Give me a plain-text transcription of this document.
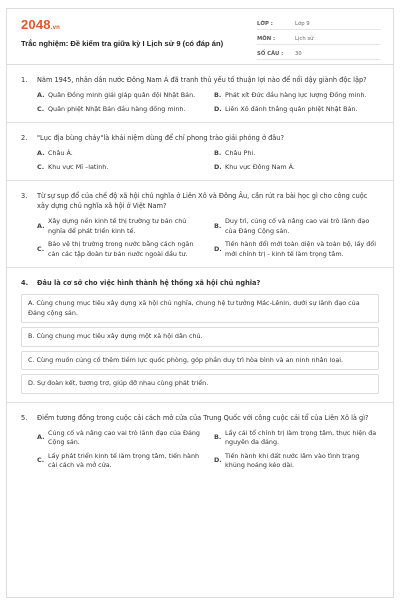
2048.vn
Trắc nghiệm: Đề kiểm tra giữa kỳ I Lịch sử 9 (có đáp án)
LỚP :	Lớp 9
MÔN :	Lịch sử
SỐ CÂU :	30
1.	Năm 1945, nhân dân nước Đông Nam Á đã tranh thủ yếu tố thuận lợi nào để nổi dậy giành độc lập?
A. Quân Đồng minh giải giáp quân đội Nhật Bản.	B. Phát xít Đức đầu hàng lực lượng Đồng minh.
C. Quân phiệt Nhật Bản đầu hàng đồng minh.	D. Liên Xô đánh thắng quân phiệt Nhật Bản.
2.	"Lục địa bùng cháy"là khái niệm dùng để chỉ phong trào giải phóng ở đâu?
A. Châu Á.	B. Châu Phi.
C. Khu vực Mĩ –latinh.	D. Khu vực Đông Nam Á.
3.	Từ sự sụp đổ của chế độ xã hội chủ nghĩa ở Liên Xô và Đông Âu, cần rút ra bài học gì cho công cuộc xây dựng chủ nghĩa xã hội ở Việt Nam?
A.
Xây dựng nền kinh tế thị trường tư bản chủ nghĩa để phát triển kinh tế.
B.
Duy trì, củng cố và nâng cao vai trò lãnh đạo của Đảng Cộng sản.
C.
Bảo vệ thị trường trong nước bằng cách ngăn cản các tập đoàn tư bản nước ngoài đầu tư.
D.
Tiến hành đổi mới toàn diện và toàn bộ, lấy đổi mới chính trị - kinh tế làm trọng tâm.
4.	Đâu là cơ sở cho việc hình thành hệ thống xã hội chủ nghĩa?
A. Cùng chung mục tiêu xây dựng xã hội chủ nghĩa, chung hệ tư tưởng Mác-Lênin, dưới sự lãnh đạo của Đảng cộng sản.
B. Cùng chung mục tiêu xây dựng một xã hội dân chủ.
C. Cùng muốn củng cố thêm tiềm lực quốc phòng, góp phần duy trì hòa bình và an ninh nhân loại.
D. Sự đoàn kết, tương trợ, giúp đỡ nhau cùng phát triển.
5.	Điểm tương đồng trong cuộc cải cách mở cửa của Trung Quốc với công cuộc cải tổ của Liên Xô là gì?
A.
Củng cố và nâng cao vai trò lãnh đạo của Đảng Cộng sản.
B.
Lấy cải tổ chính trị làm trọng tâm, thực hiện đa nguyên đa đảng.
C.
Lấy phát triển kinh tế làm trọng tâm, tiến hành cải cách và mở cửa.
D.
Tiến hành khi đất nước lâm vào tình trạng khủng hoảng kéo dài.
